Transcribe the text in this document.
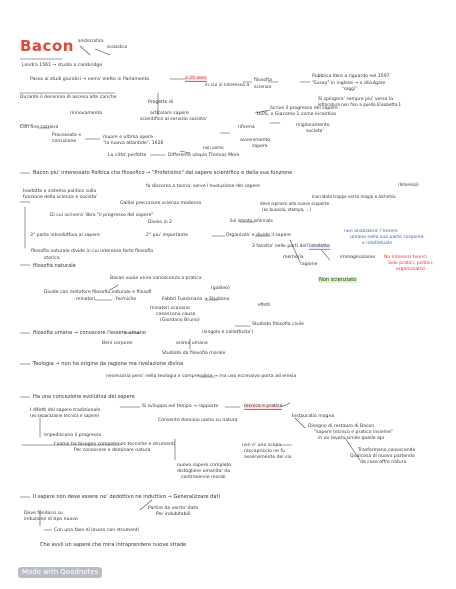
Bacon aristocratico
scolastica
Londra 1561 → studia a cambridge
Passa ai studi giuridici → verra' eletto in Parlamento	a 20 anni
in cui si interessa a
filosofia
scienza
Pubblica libro a riguardo nel 1597
"Essay" in inglese → x divulgare
"saggi"
Durante il decennio di ascesa alte cariche	Si spingera' sempre piu' verso la
letteratura non fino a quella Elisabetta 1
Progetto di
rinnovamento	articolare sapere
scientifico al servizio societa'
Scrive il progresso del sapere
1605, x Giacomo 1 come incentivo
Con fine carriera	riforma	miglioramento
societa'
Processato x
corruzione
muore e ultima opera
"la nuova atlantide", 1626
non uomo
avvenimento
sapere
La citta' perfetta	Differente utopia Thomas More
Bacon piu' interessato Politica che filosofico → "Profetismo" del sapere scientifico e della sua funzione
(Interessi)
Inadatto e sistema politico sulla
funzione della scienza e societa'
fa discorso a teoria: serve l'evoluzione del sapere
Inorridato troppo verso magia e alchimia
Galilei precursore scienza moderna	deve ispirarsi alle nuove scoperte
(es bussola, stampa, ...)
Di cui scrivera' libro "il progresso del sapere"
Diviso in 2	Sul intento informale
3° parte introduttiva al sapere	2° piu' importante	Organizza' e divide il sapere
non analizzera' l'essere
umano nella sua parte corporea
e intelletuale
3 facolta' nelle parti dell'intelletto
filosofia naturale divide in cui interesse forte filosofia
storica	memoria	immaginazione
ragione
filosofia naturale
No interessi teorici
Solo pratici, politici,
organizzativi
Non scienziato
Bacon vuole unire conoscenza a pratica
(galileo)
Divide con metafore filosofia naturale e filosofi
Fabbri Fuasimano → Studiano
effetti
minatori	formiche
minatori scavano
conoscono cause
(Giordano Bruno)
Studiato filosofia civile
filosofia umana → conoscere l'essere umano	(singolo e collettivita')
Beni corporei	animo umano
Studiato da filosofia morale
Teologia → non ha origine da ragione ma rivelazione divina
necessaria pero' nella teologia x comprendere → ma uso eccessivo porta ad eresia
Ha una concezione evolutiva del sapere
I difetti del sapere tradizionale
(es separazione tecnica e sapere)
impediscono il progresso
Si sviluppa nel tempo → rapporto	tecnica e pratica
Consente dominio uomo su natura
Instauratio magna
Disegno di restauro di Bacon
"sapere tecnico e pratico insieme"
in un lavoro simile quello api
l'uomo ha bisogno competenze tecniche e strumenti
Per conoscere e dominare natura
non e' uno scopo
raccapriccio ne fu
asservimento del sio
Trasformano conoscendo
Qualcosa di nuovo partendo
da cose offre natura
nuovo sapere completo
distogliere umanita' da
controversie morali
Il sapere non deve essere ne' dedottivo ne induttivo → Generalizzare dati
Deve fondarsi su
induzione di tipo nuovo
Partire da verita' date
Per indubitabili
Con una fase di lavoro con strumenti
Che avvii un sapere che mira intraprendere nuove strade
Made with Goodnotes
